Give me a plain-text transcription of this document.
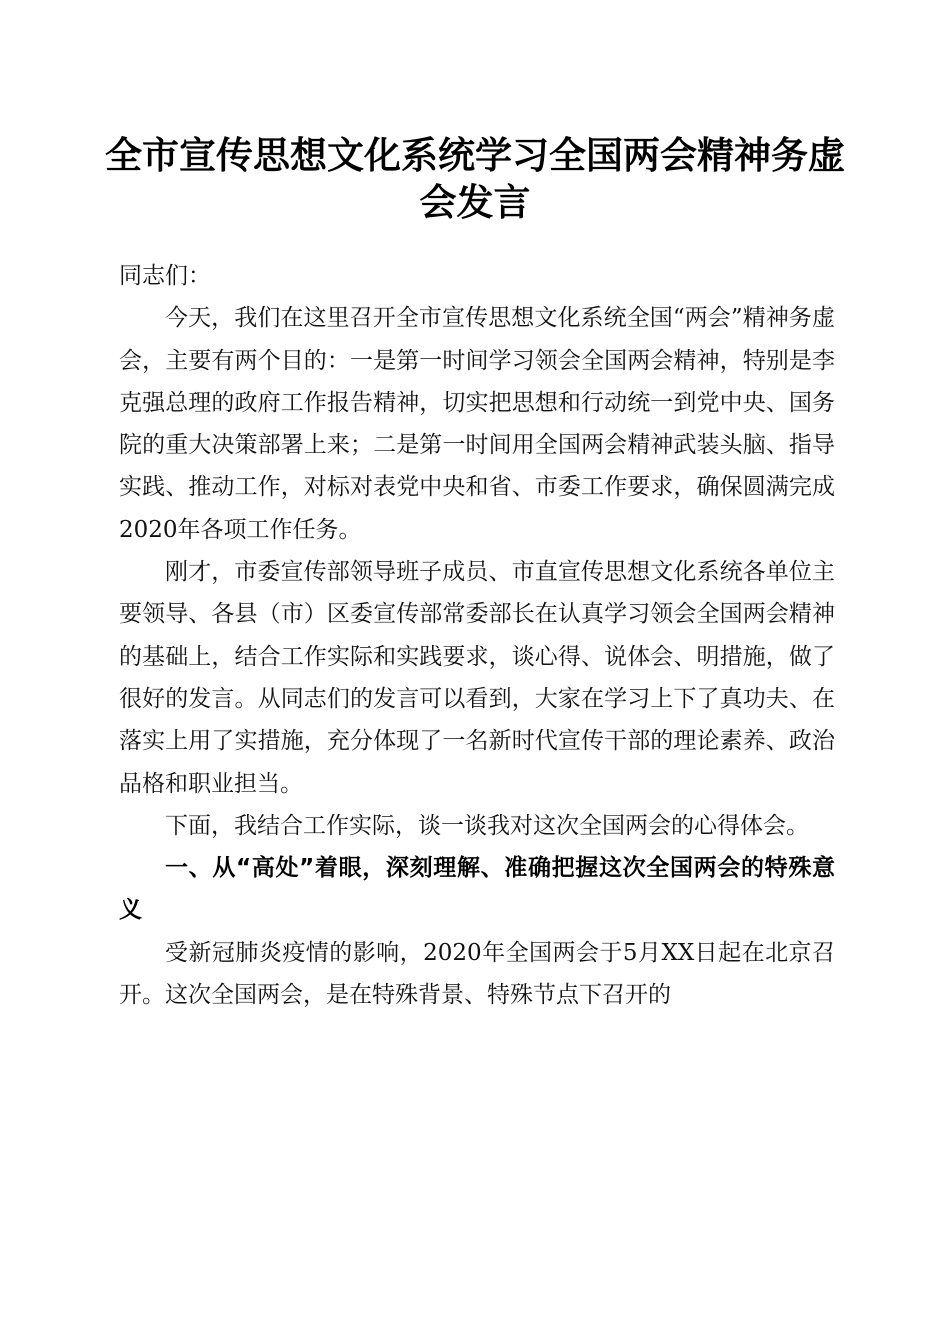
全市宣传思想文化系统学习全国两会精神务虚会发言

同志们：

今天，我们在这里召开全市宣传思想文化系统全国“两会”精神务虚会，主要有两个目的：一是第一时间学习领会全国两会精神，特别是李克强总理的政府工作报告精神，切实把思想和行动统一到党中央、国务院的重大决策部署上来；二是第一时间用全国两会精神武装头脑、指导实践、推动工作，对标对表党中央和省、市委工作要求，确保圆满完成2020年各项工作任务。

刚才，市委宣传部领导班子成员、市直宣传思想文化系统各单位主要领导、各县（市）区委宣传部常委部长在认真学习领会全国两会精神的基础上，结合工作实际和实践要求，谈心得、说体会、明措施，做了很好的发言。从同志们的发言可以看到，大家在学习上下了真功夫、在落实上用了实措施，充分体现了一名新时代宣传干部的理论素养、政治品格和职业担当。

下面，我结合工作实际，谈一谈我对这次全国两会的心得体会。

一、从“高处”着眼，深刻理解、准确把握这次全国两会的特殊意义

受新冠肺炎疫情的影响，2020年全国两会于5月XX日起在北京召开。这次全国两会，是在特殊背景、特殊节点下召开的
